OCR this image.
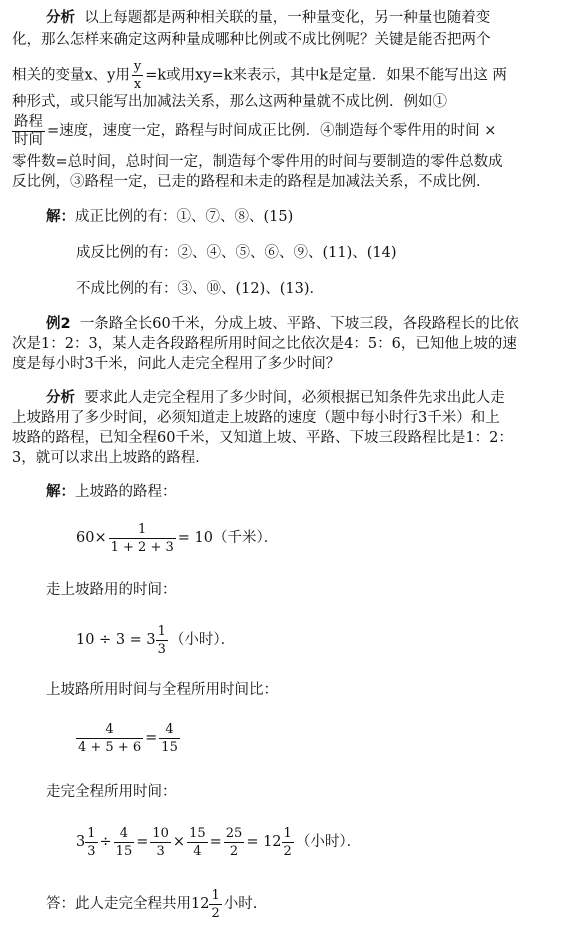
分析 以上每题都是两种相关联的量，一种量变化，另一种量也随着变
化，那么怎样来确定这两种量成哪种比例或不成比例呢？关键是能否把两个
相关的变量x、y用 $\frac{y}{x} =k$或用xy=k来表示，其中k是定量．如果不能写出这 两
种形式，或只能写出加减法关系，那么这两种量就不成比例．例如①
路程
时间
=速度，速度一定，路程与时间成正比例．④制造每个零件用的时间 ×
零件数=总时间，总时间一定，制造每个零件用的时间与要制造的零件总数成
反比例，③路程一定，已走的路程和未走的路程是加减法关系，不成比例．
解：成正比例的有：①、⑦、⑧、(15)
成反比例的有：②、④、⑤、⑥、⑨、(11)、(14)
不成比例的有：③、⑩、(12)、(13)．
例2 一条路全长60千米，分成上坡、平路、下坡三段，各段路程长的比依
次是1：2：3，某人走各段路程所用时间之比依次是4：5：6，已知他上坡的速
度是每小时3千米，问此人走完全程用了多少时间？
分析 要求此人走完全程用了多少时间，必须根据已知条件先求出此人走
上坡路用了多少时间，必须知道走上坡路的速度（题中每小时行3千米）和上
坡路的路程，已知全程60千米，又知道上坡、平路、下坡三段路程比是1：2：
3，就可以求出上坡路的路程．
解：上坡路的路程：
$60\times \frac{1}{1 + 2 + 3} = 10$（千米）．
走上坡路用的时间：
$10 \div 3 = 3 \frac{1}{3}$ （小时）．
上坡路所用时间与全程所用时间比：
$\frac{4}{4 + 5 + 6} = \frac{4}{15}$
走完全程所用时间：
$3 \frac{1}{3} \div \frac{4}{15} = \frac{10}{3} \times \frac{15}{4} = \frac{25}{2} = 12 \frac{1}{2}$ （小时）．
答：此人走完全程共用$12 \frac{1}{2}$ 小时.
